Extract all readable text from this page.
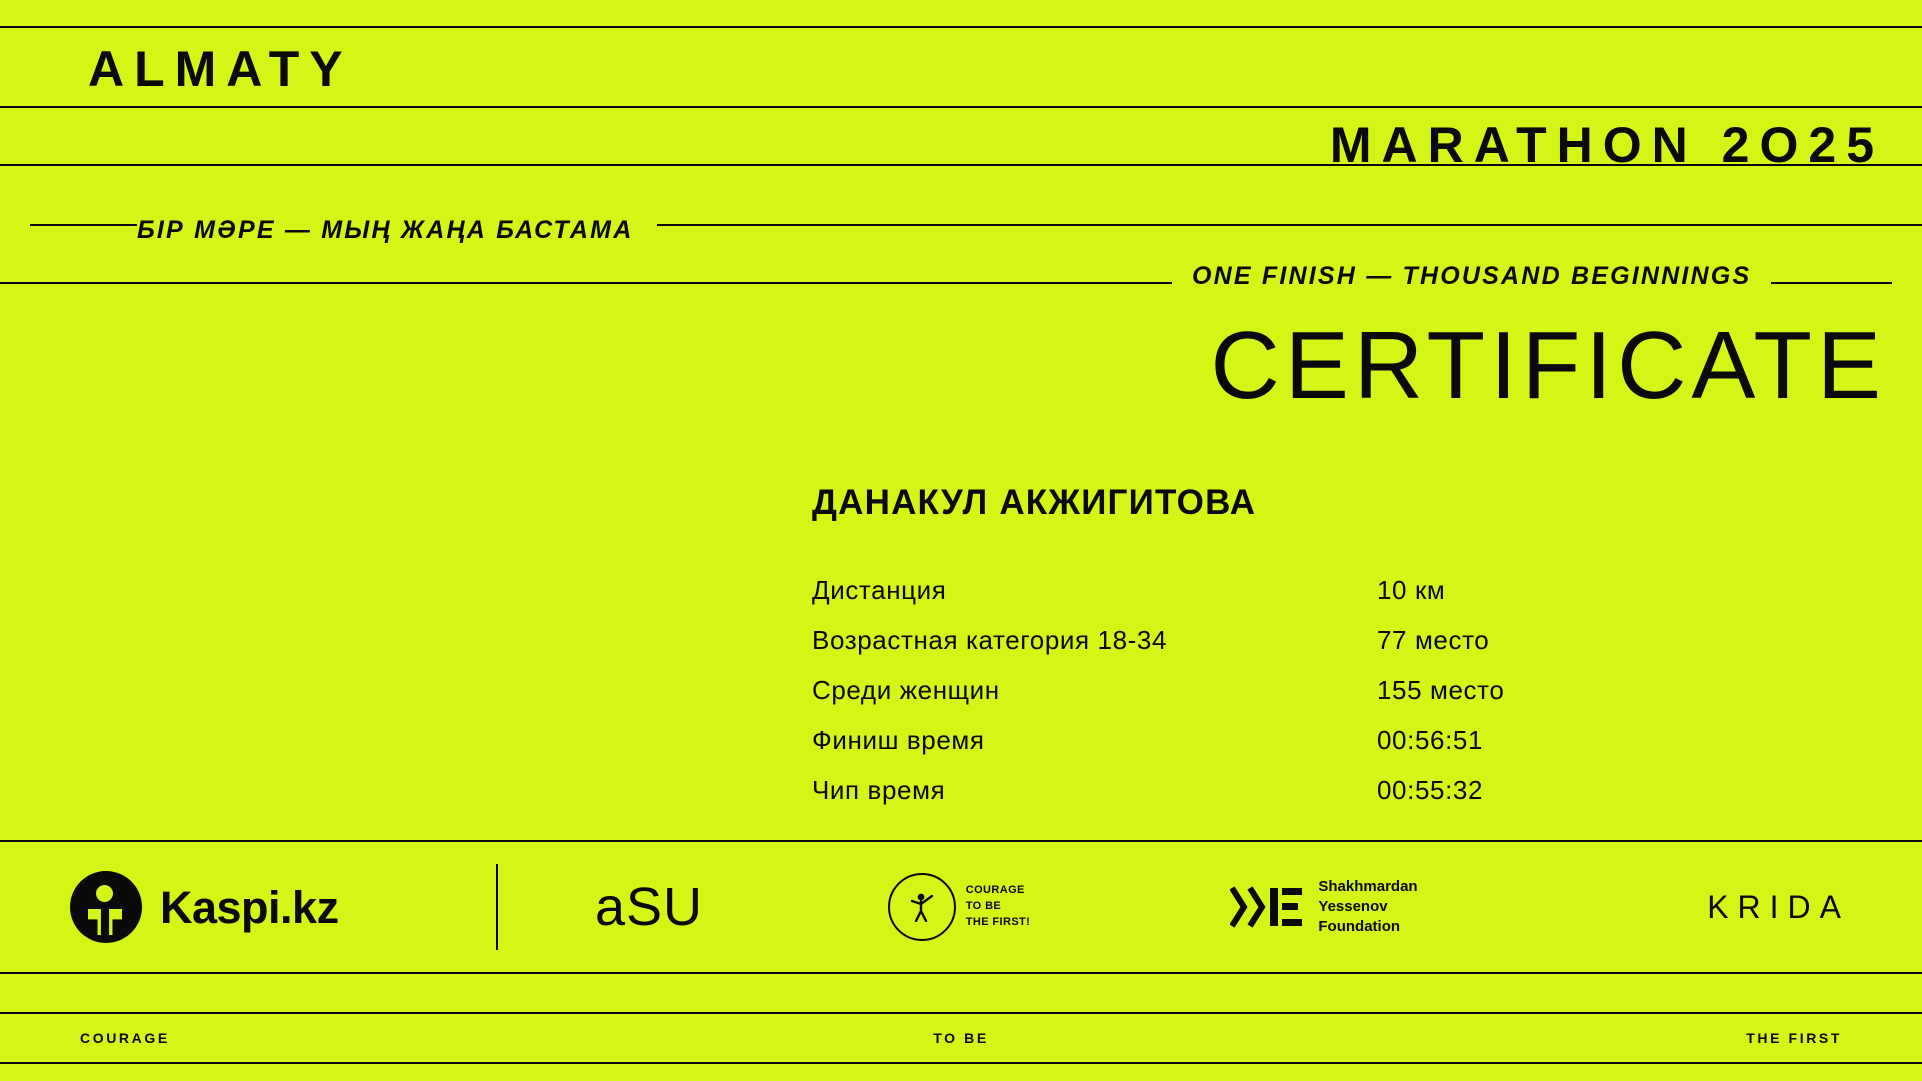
ALMATY
MARATHON 2O25
БІР МӘРЕ — МЫҢ ЖАҢА БАСТАМА
ONE FINISH — THOUSAND BEGINNINGS
CERTIFICATE
ДАНАКУЛ АКЖИГИТОВА
Дистанция	10 км
Возрастная категория 18-34	77 место
Среди женщин	155 место
Финиш время	00:56:51
Чип время	00:55:32
Kaspi.kz	aSU	COURAGE
TO BE
THE FIRST!
Shakhmardan
Yessenov
Foundation
KRIDA
COURAGE	TO BE	THE FIRST
